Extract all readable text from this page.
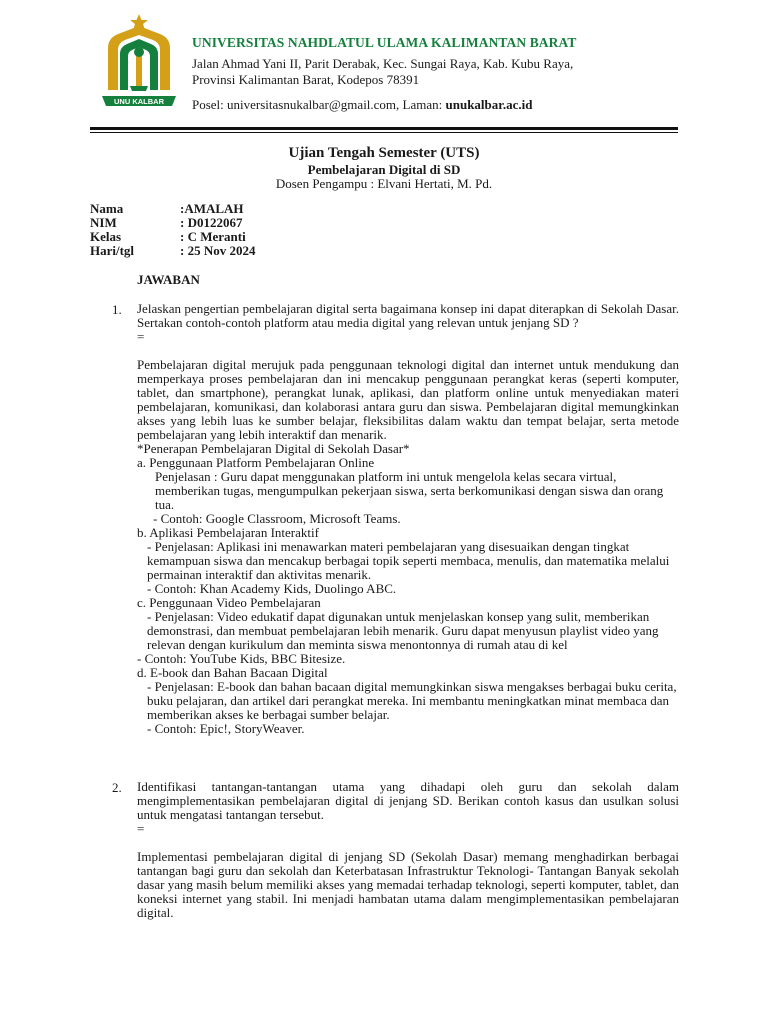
UNU KALBAR
UNIVERSITAS NAHDLATUL ULAMA KALIMANTAN BARAT
Jalan Ahmad Yani II, Parit Derabak, Kec. Sungai Raya, Kab. Kubu Raya,
Provinsi Kalimantan Barat, Kodepos 78391
Posel: universitasnukalbar@gmail.com, Laman: unukalbar.ac.id
Ujian Tengah Semester (UTS)
Pembelajaran Digital di SD
Dosen Pengampu : Elvani Hertati, M. Pd.
Nama	:AMALAH
NIM	: D0122067
Kelas	: C Meranti
Hari/tgl	: 25 Nov 2024
JAWABAN
1. Jelaskan pengertian pembelajaran digital serta bagaimana konsep ini dapat diterapkan di Sekolah Dasar. Sertakan contoh-contoh platform atau media digital yang relevan untuk jenjang SD ?

=

Pembelajaran digital merujuk pada penggunaan teknologi digital dan internet untuk mendukung dan memperkaya proses pembelajaran dan ini mencakup penggunaan perangkat keras (seperti komputer, tablet, dan smartphone), perangkat lunak, aplikasi, dan platform online untuk menyediakan materi pembelajaran, komunikasi, dan kolaborasi antara guru dan siswa. Pembelajaran digital memungkinkan akses yang lebih luas ke sumber belajar, fleksibilitas dalam waktu dan tempat belajar, serta metode pembelajaran yang lebih interaktif dan menarik.

*Penerapan Pembelajaran Digital di Sekolah Dasar*

a. Penggunaan Platform Pembelajaran Online

Penjelasan : Guru dapat menggunakan platform ini untuk mengelola kelas secara virtual, memberikan tugas, mengumpulkan pekerjaan siswa, serta berkomunikasi dengan siswa dan orang tua.

- Contoh: Google Classroom, Microsoft Teams.

b. Aplikasi Pembelajaran Interaktif

- Penjelasan: Aplikasi ini menawarkan materi pembelajaran yang disesuaikan dengan tingkat kemampuan siswa dan mencakup berbagai topik seperti membaca, menulis, dan matematika melalui permainan interaktif dan aktivitas menarik.

- Contoh: Khan Academy Kids, Duolingo ABC.

c. Penggunaan Video Pembelajaran

- Penjelasan: Video edukatif dapat digunakan untuk menjelaskan konsep yang sulit, memberikan demonstrasi, dan membuat pembelajaran lebih menarik. Guru dapat menyusun playlist video yang relevan dengan kurikulum dan meminta siswa menontonnya di rumah atau di kel

- Contoh: YouTube Kids, BBC Bitesize.

d. E-book dan Bahan Bacaan Digital

- Penjelasan: E-book dan bahan bacaan digital memungkinkan siswa mengakses berbagai buku cerita, buku pelajaran, dan artikel dari perangkat mereka. Ini membantu meningkatkan minat membaca dan memberikan akses ke berbagai sumber belajar.

- Contoh: Epic!, StoryWeaver.

2. Identifikasi tantangan-tantangan utama yang dihadapi oleh guru dan sekolah dalam mengimplementasikan pembelajaran digital di jenjang SD. Berikan contoh kasus dan usulkan solusi untuk mengatasi tantangan tersebut.

=

Implementasi pembelajaran digital di jenjang SD (Sekolah Dasar) memang menghadirkan berbagai tantangan bagi guru dan sekolah dan Keterbatasan Infrastruktur Teknologi- Tantangan Banyak sekolah dasar yang masih belum memiliki akses yang memadai terhadap teknologi, seperti komputer, tablet, dan koneksi internet yang stabil. Ini menjadi hambatan utama dalam mengimplementasikan pembelajaran digital.
